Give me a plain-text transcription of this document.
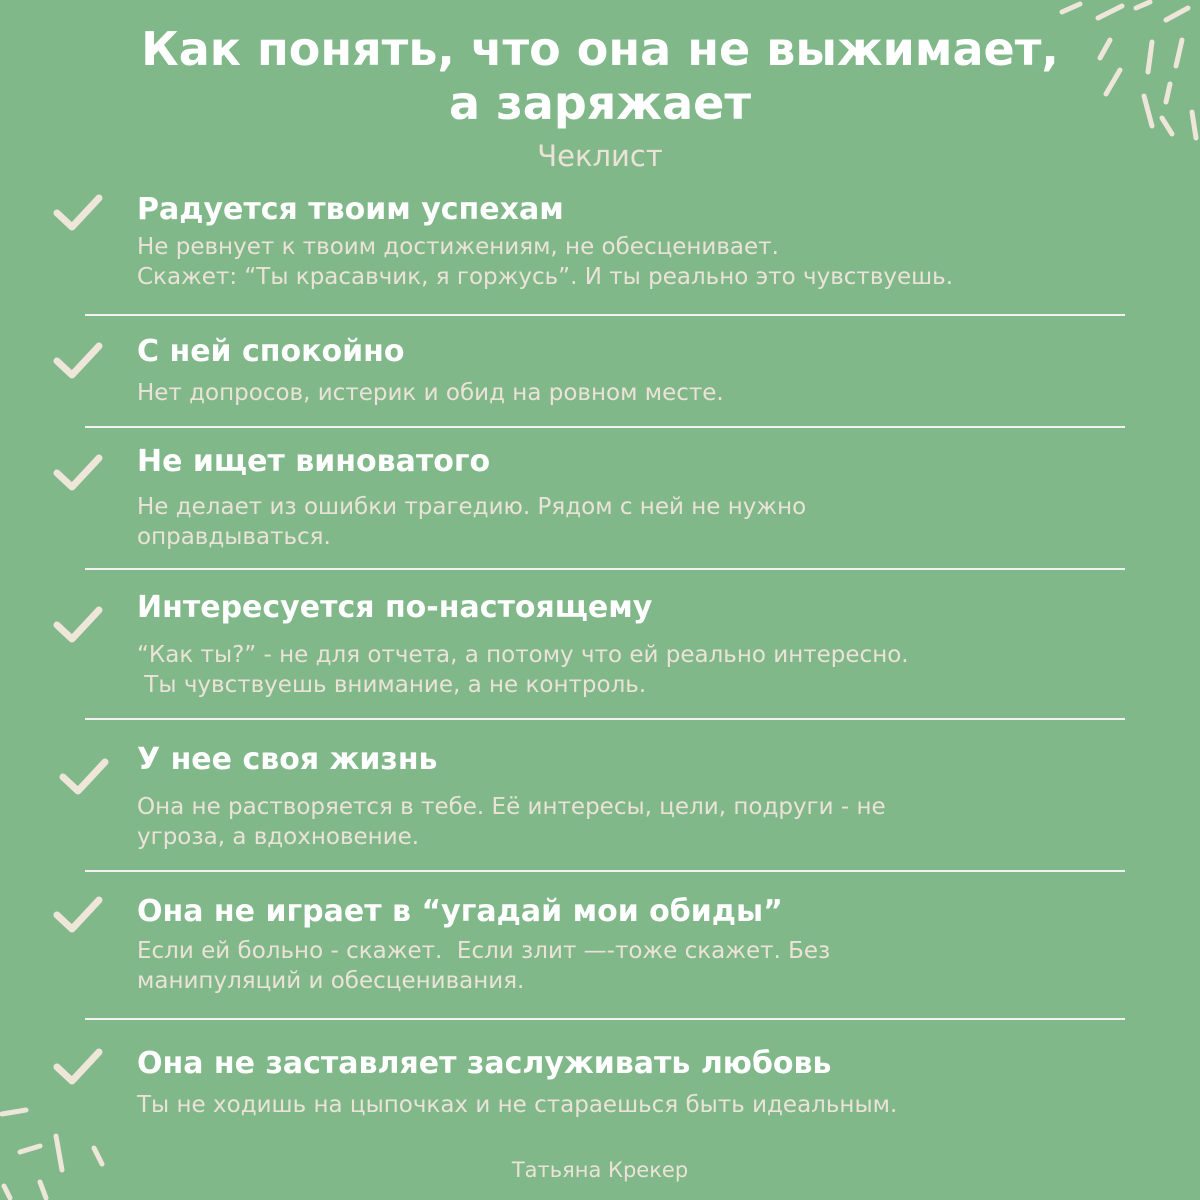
Как понять, что она не выжимает,
а заряжает
Чеклист
Радуется твоим успехам
Не ревнует к твоим достижениям, не обесценивает.
Скажет: “Ты красавчик, я горжусь”. И ты реально это чувствуешь.
С ней спокойно
Нет допросов, истерик и обид на ровном месте.
Не ищет виноватого
Не делает из ошибки трагедию. Рядом с ней не нужно
оправдываться.
Интересуется по-настоящему
“Как ты?” - не для отчета, а потому что ей реально интересно.
Ты чувствуешь внимание, а не контроль.
У нее своя жизнь
Она не растворяется в тебе. Её интересы, цели, подруги - не
угроза, а вдохновение.
Она не играет в “угадай мои обиды”
Если ей больно - скажет.  Если злит —-тоже скажет. Без
манипуляций и обесценивания.
Она не заставляет заслуживать любовь
Ты не ходишь на цыпочках и не стараешься быть идеальным.
Татьяна Крекер
